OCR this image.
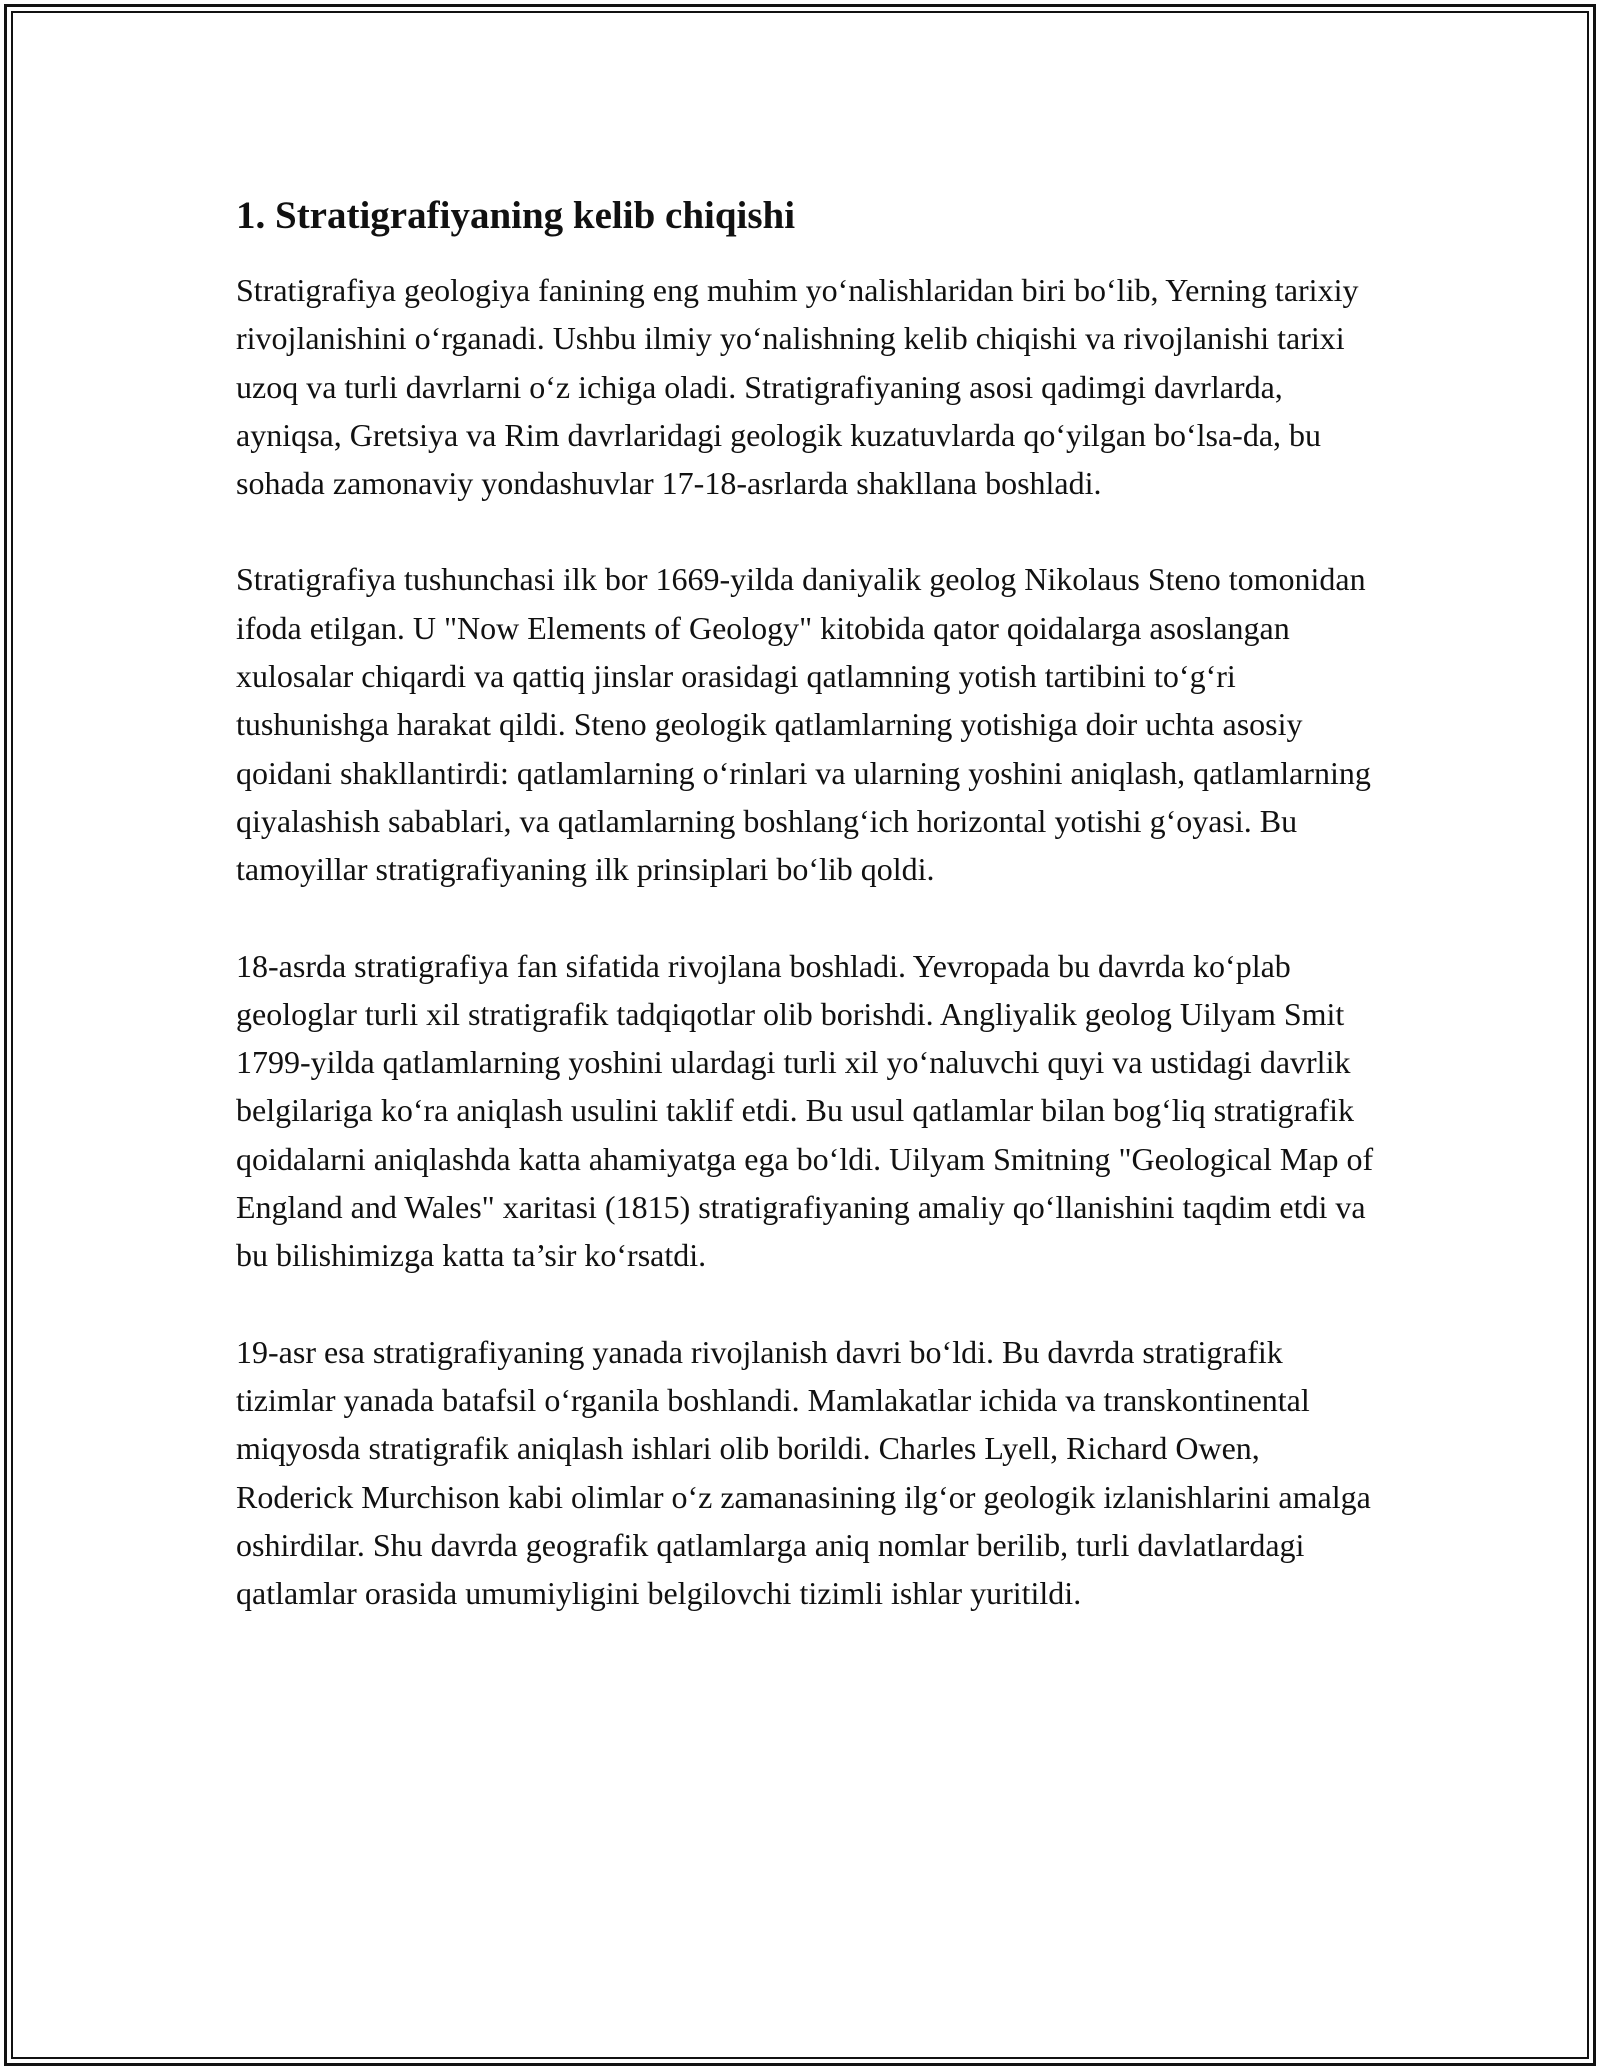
1. Stratigrafiyaning kelib chiqishi

Stratigrafiya geologiya fanining eng muhim yo‘nalishlaridan biri bo‘lib, Yerning tarixiy rivojlanishini o‘rganadi. Ushbu ilmiy yo‘nalishning kelib chiqishi va rivojlanishi tarixi uzoq va turli davrlarni o‘z ichiga oladi. Stratigrafiyaning asosi qadimgi davrlarda, ayniqsa, Gretsiya va Rim davrlaridagi geologik kuzatuvlarda qo‘yilgan bo‘lsa-da, bu sohada zamonaviy yondashuvlar 17-18-asrlarda shakllana boshladi.

Stratigrafiya tushunchasi ilk bor 1669-yilda daniyalik geolog Nikolaus Steno tomonidan ifoda etilgan. U "Now Elements of Geology" kitobida qator qoidalarga asoslangan xulosalar chiqardi va qattiq jinslar orasidagi qatlamning yotish tartibini to‘g‘ri tushunishga harakat qildi. Steno geologik qatlamlarning yotishiga doir uchta asosiy qoidani shakllantirdi: qatlamlarning o‘rinlari va ularning yoshini aniqlash, qatlamlarning qiyalashish sabablari, va qatlamlarning boshlang‘ich horizontal yotishi g‘oyasi. Bu tamoyillar stratigrafiyaning ilk prinsiplari bo‘lib qoldi.

18-asrda stratigrafiya fan sifatida rivojlana boshladi. Yevropada bu davrda ko‘plab geologlar turli xil stratigrafik tadqiqotlar olib borishdi. Angliyalik geolog Uilyam Smit 1799-yilda qatlamlarning yoshini ulardagi turli xil yo‘naluvchi quyi va ustidagi davrlik belgilariga ko‘ra aniqlash usulini taklif etdi. Bu usul qatlamlar bilan bog‘liq stratigrafik qoidalarni aniqlashda katta ahamiyatga ega bo‘ldi. Uilyam Smitning "Geological Map of England and Wales" xaritasi (1815) stratigrafiyaning amaliy qo‘llanishini taqdim etdi va bu bilishimizga katta ta’sir ko‘rsatdi.

19-asr esa stratigrafiyaning yanada rivojlanish davri bo‘ldi. Bu davrda stratigrafik tizimlar yanada batafsil o‘rganila boshlandi. Mamlakatlar ichida va transkontinental miqyosda stratigrafik aniqlash ishlari olib borildi. Charles Lyell, Richard Owen, Roderick Murchison kabi olimlar o‘z zamanasining ilg‘or geologik izlanishlarini amalga oshirdilar. Shu davrda geografik qatlamlarga aniq nomlar berilib, turli davlatlardagi qatlamlar orasida umumiyligini belgilovchi tizimli ishlar yuritildi.
